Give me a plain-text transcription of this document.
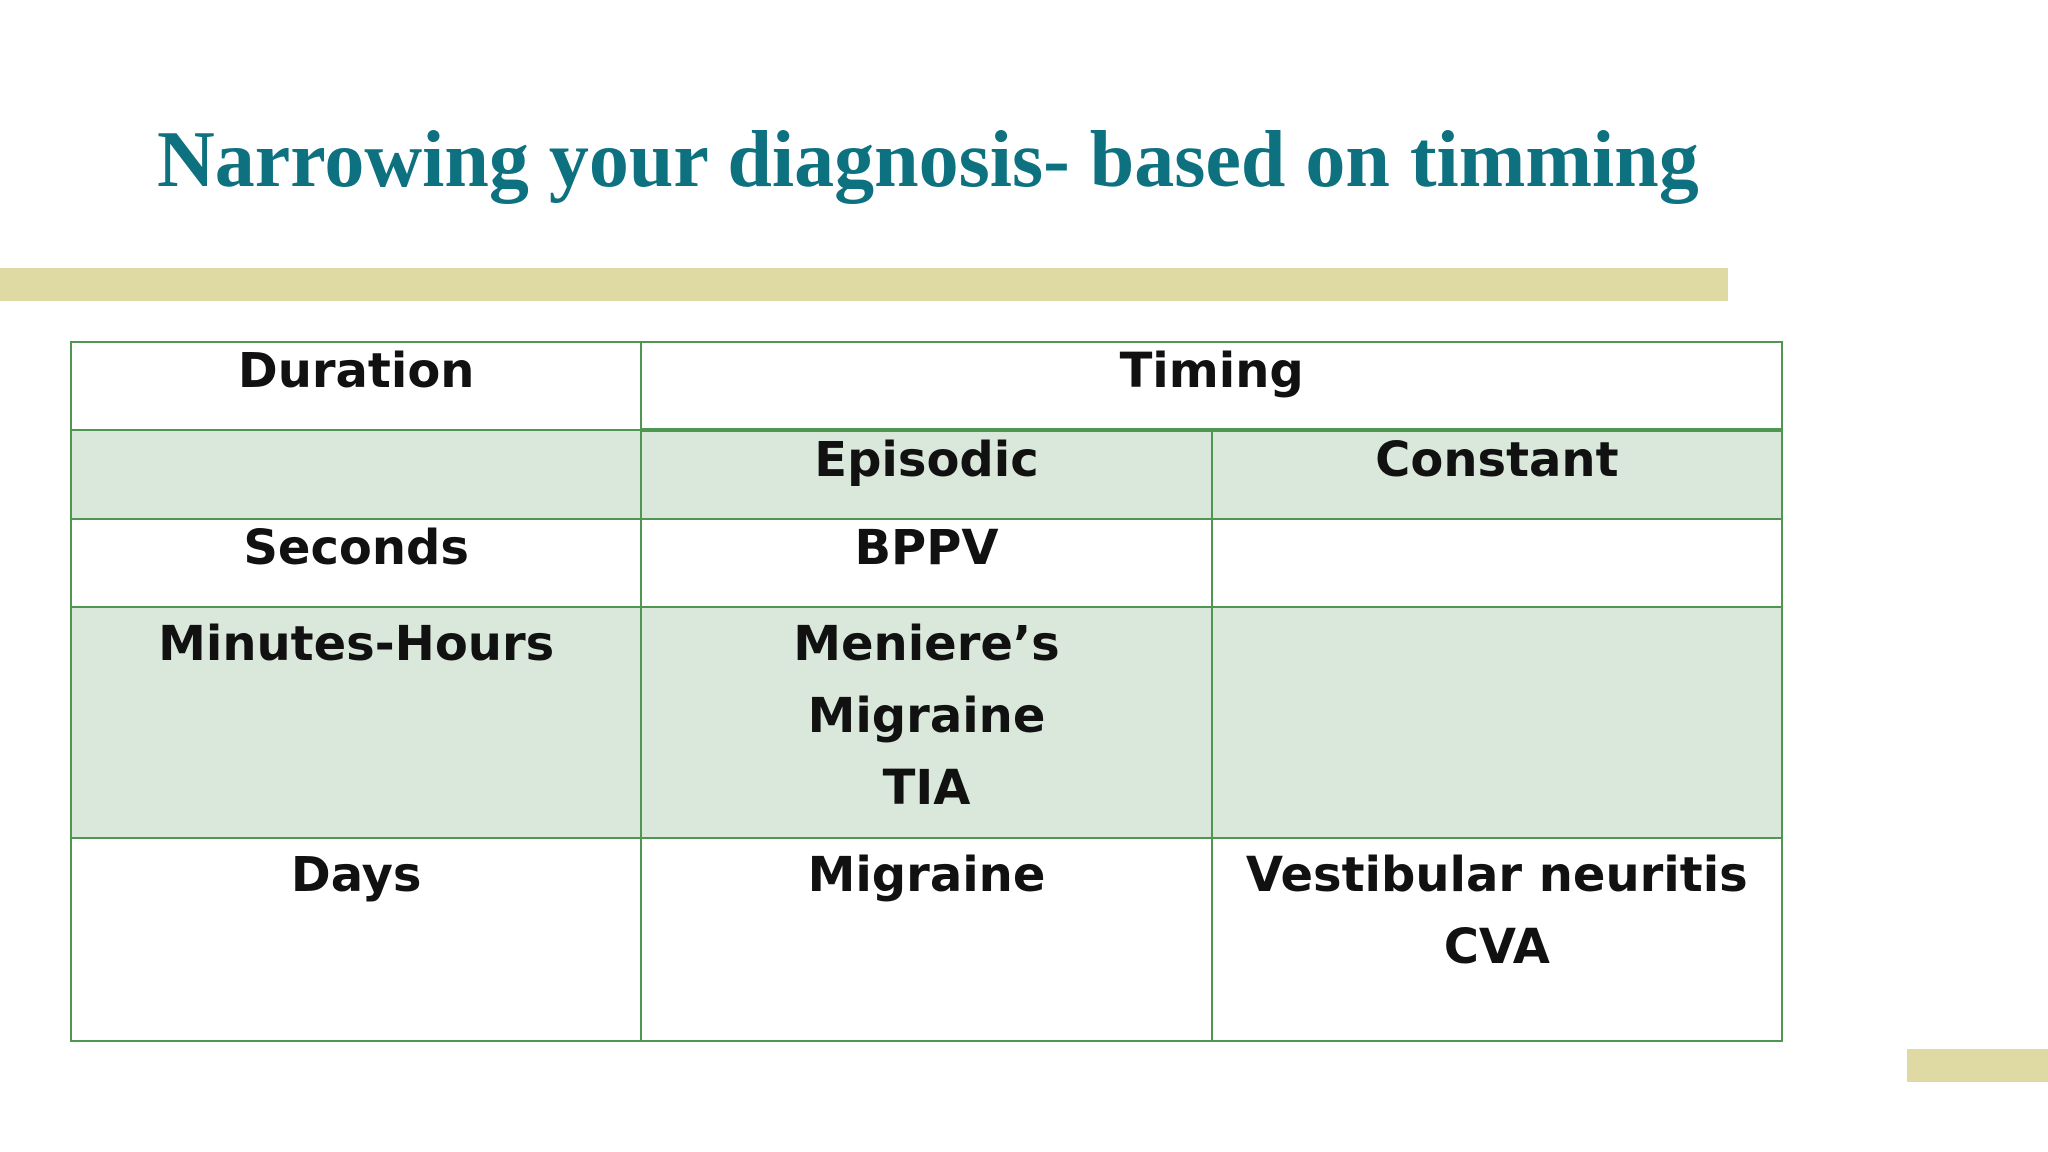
Narrowing your diagnosis- based on timming
Duration	Timing	
	Episodic	Constant
Seconds	BPPV	

Minutes-Hours	Meniere’s
Migraine
TIA	

Days	Migraine	Vestibular neuritis
CVA
